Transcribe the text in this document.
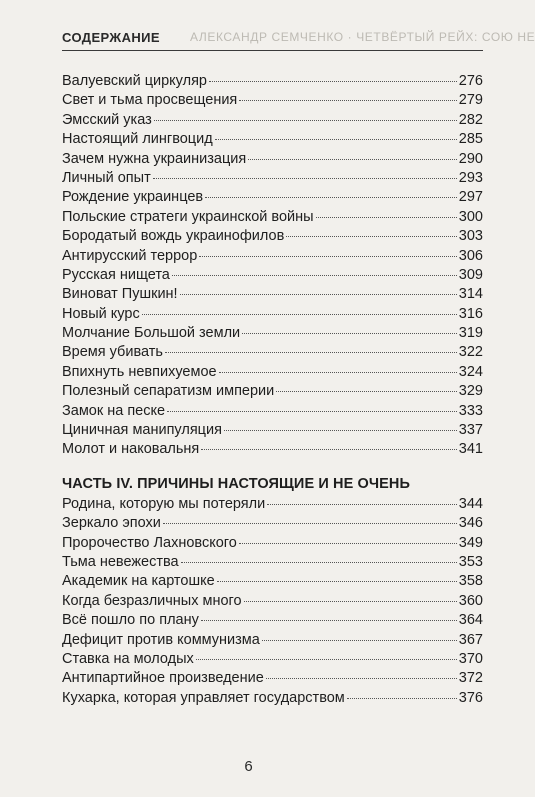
СОДЕРЖАНИЕ	АЛЕКСАНДР СЕМЧЕНКО · ЧЕТВЁРТЫЙ РЕЙХ: СОЮ НЕ
Валуевский циркуляр	276
Свет и тьма просвещения	279
Эмсский указ	282
Настоящий лингвоцид	285
Зачем нужна украинизация	290
Личный опыт	293
Рождение украинцев	297
Польские стратеги украинской войны	300
Бородатый вождь украинофилов	303
Антирусский террор	306
Русская нищета	309
Виноват Пушкин!	314
Новый курс	316
Молчание Большой земли	319
Время убивать	322
Впихнуть невпихуемое	324
Полезный сепаратизм империи	329
Замок на песке	333
Циничная манипуляция	337
Молот и наковальня	341
ЧАСТЬ IV. ПРИЧИНЫ НАСТОЯЩИЕ И НЕ ОЧЕНЬ
Родина, которую мы потеряли	344
Зеркало эпохи	346
Пророчество Лахновского	349
Тьма невежества	353
Академик на картошке	358
Когда безразличных много	360
Всё пошло по плану	364
Дефицит против коммунизма	367
Ставка на молодых	370
Антипартийное произведение	372
Кухарка, которая управляет государством	376
6
